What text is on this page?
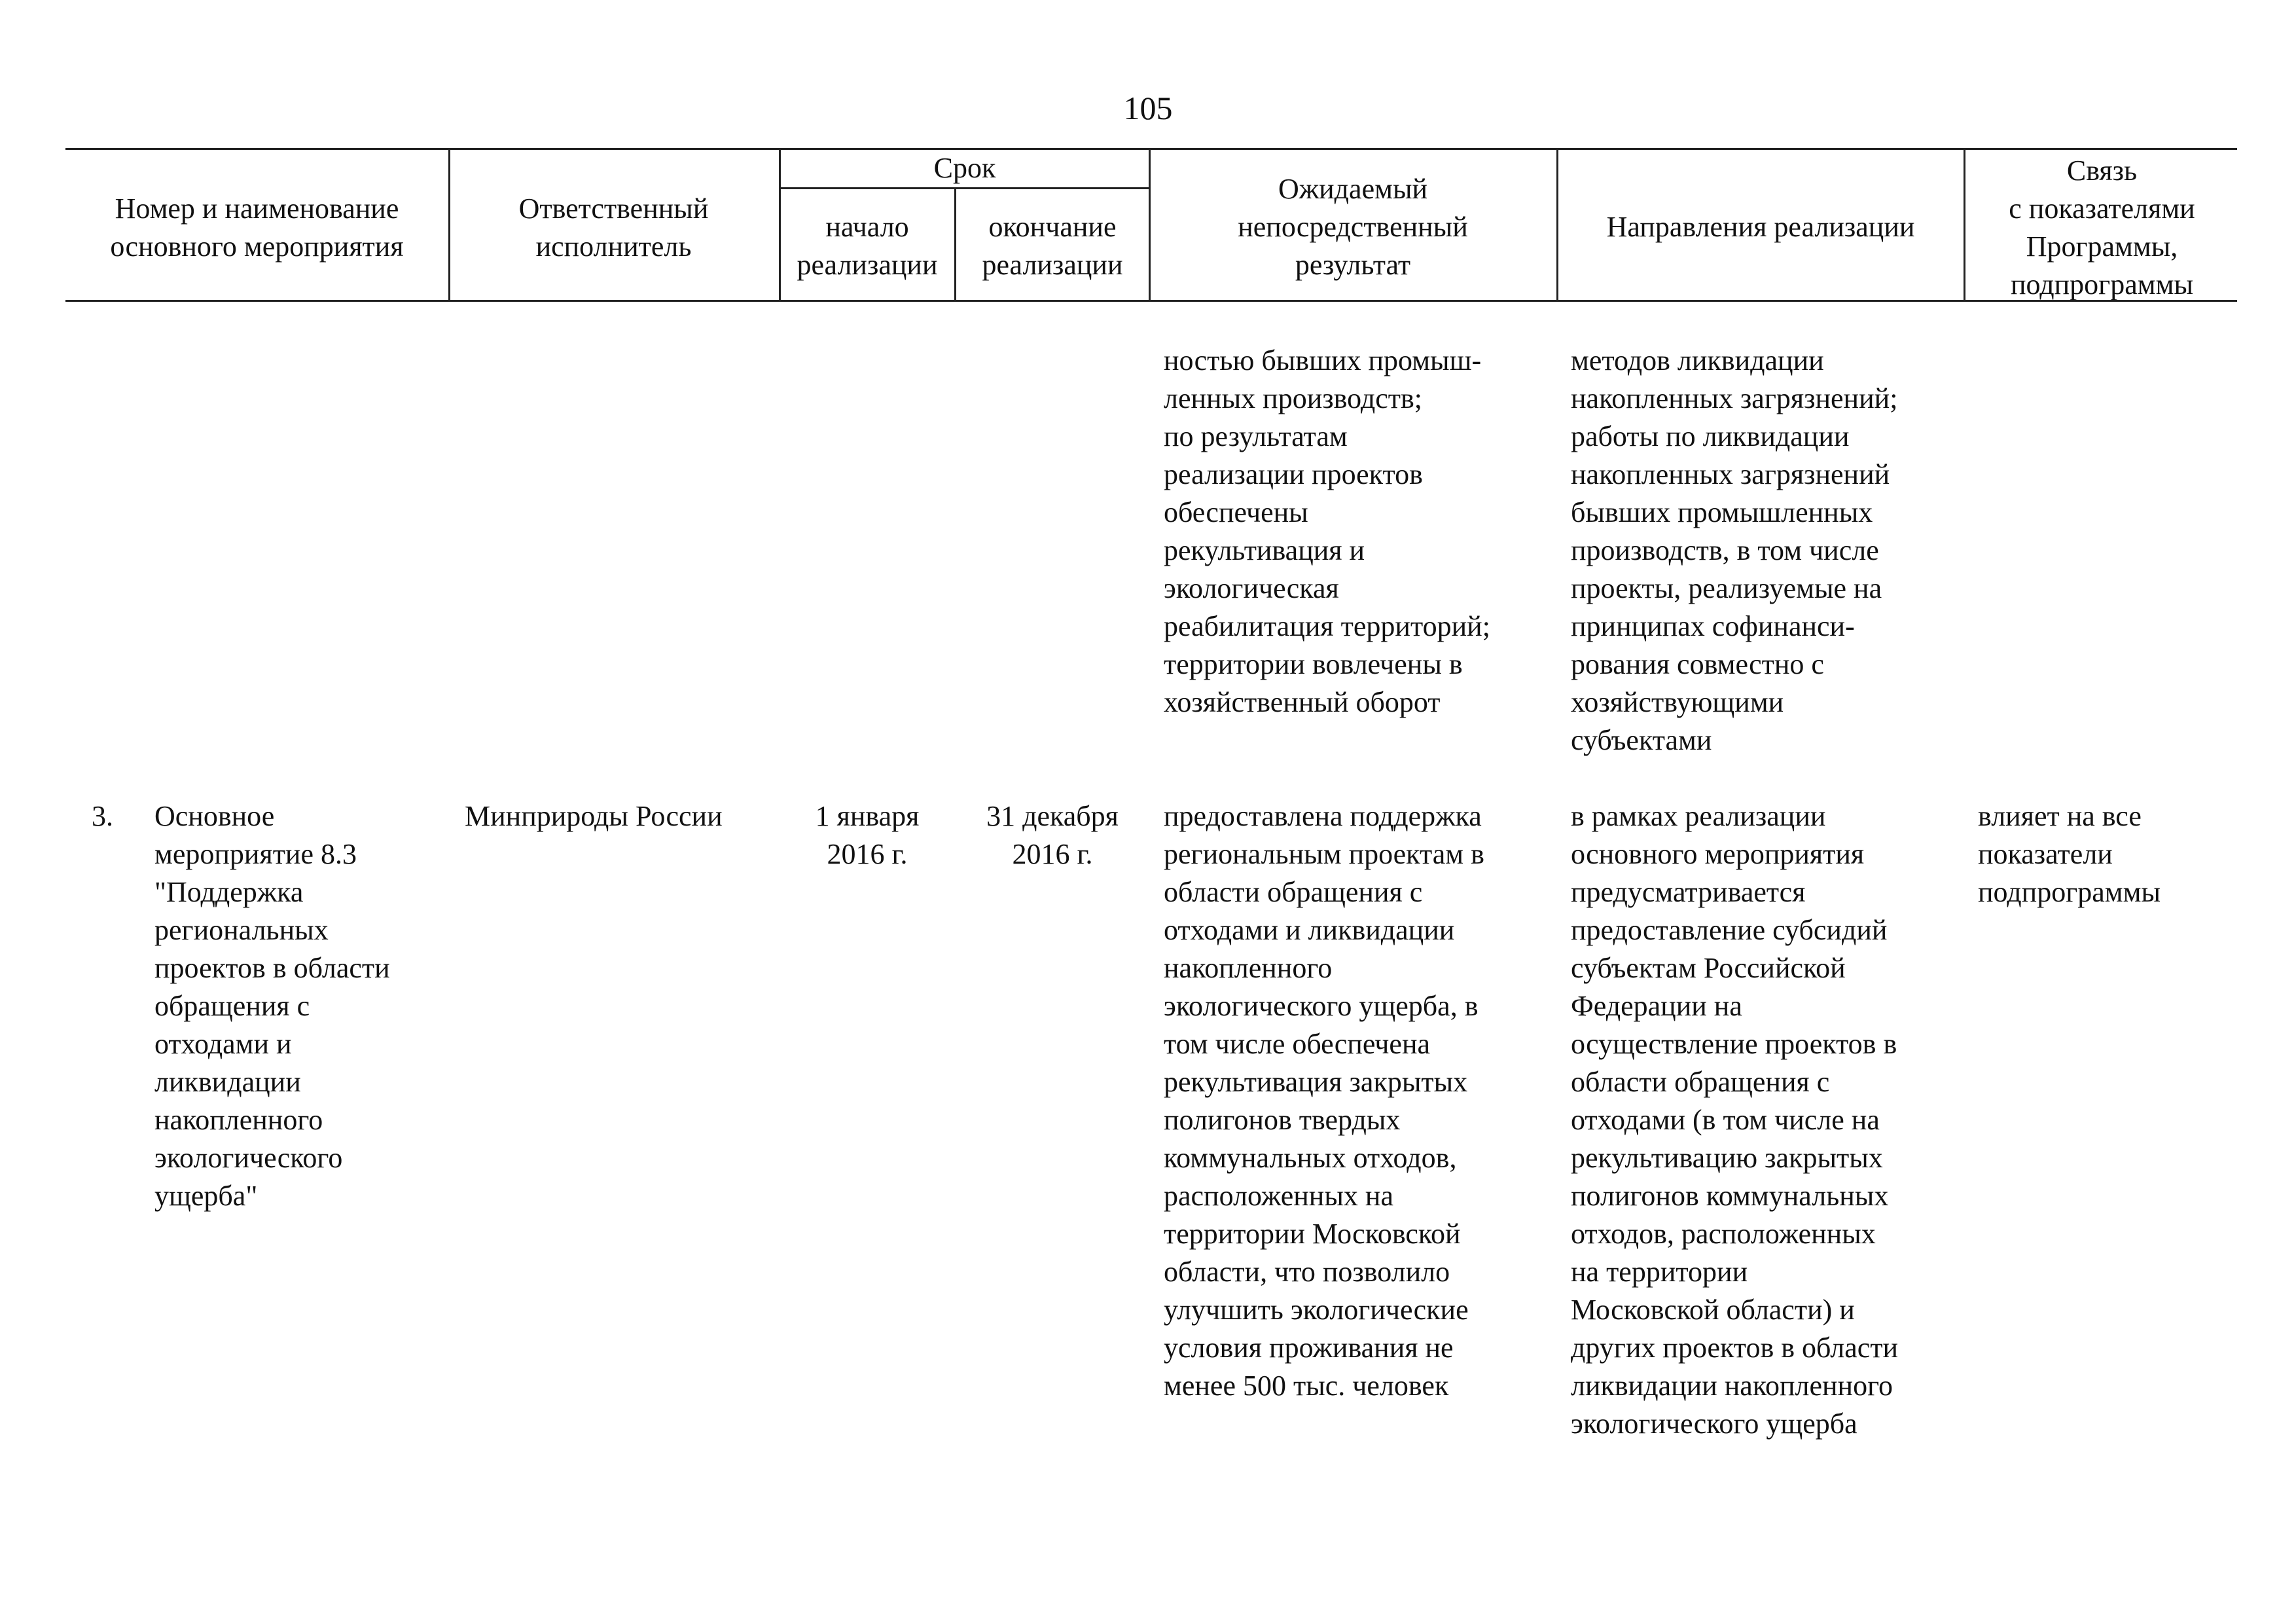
105
Номер и наименование
основного мероприятия
Ответственный
исполнитель
Срок
начало
реализации
окончание
реализации
Ожидаемый
непосредственный
результат
Направления реализации
Связь
с показателями
Программы,
подпрограммы
ностью бывших промыш-
ленных производств;
по результатам
реализации проектов
обеспечены
рекультивация и
экологическая
реабилитация территорий;
территории вовлечены в
хозяйственный оборот
методов ликвидации
накопленных загрязнений;
работы по ликвидации
накопленных загрязнений
бывших промышленных
производств, в том числе
проекты, реализуемые на
принципах софинанси-
рования совместно с
хозяйствующими
субъектами
3.	Основное
мероприятие 8.3
"Поддержка
региональных
проектов в области
обращения с
отходами и
ликвидации
накопленного
экологического
ущерба"
Минприроды России	1 января
2016 г.
31 декабря
2016 г.
предоставлена поддержка
региональным проектам в
области обращения с
отходами и ликвидации
накопленного
экологического ущерба, в
том числе обеспечена
рекультивация закрытых
полигонов твердых
коммунальных отходов,
расположенных на
территории Московской
области, что позволило
улучшить экологические
условия проживания не
менее 500 тыс. человек
в рамках реализации
основного мероприятия
предусматривается
предоставление субсидий
субъектам Российской
Федерации на
осуществление проектов в
области обращения с
отходами (в том числе на
рекультивацию закрытых
полигонов коммунальных
отходов, расположенных
на территории
Московской области) и
других проектов в области
ликвидации накопленного
экологического ущерба
влияет на все
показатели
подпрограммы
